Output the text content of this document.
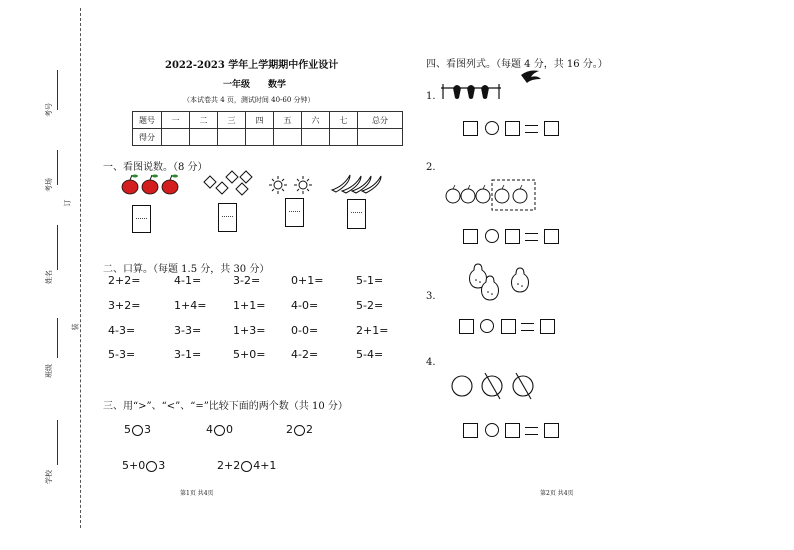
考号
考场
姓名
班级
学校
订
装
2022-2023 学年上学期期中作业设计
一年级　　数学
（本试卷共 4 页，测试时间 40-60 分钟）
题号	一	二	三	四	五	六	七	总分
得分								
一、看图说数。（8 分）
二、口算。（每题 1.5 分，共 30 分）
2+2=	4-1=	3-2=	0+1=	5-1=
3+2=	1+4= 1+1= 4-0=	5-2=
4-3=	3-3=	1+3= 0-0=	2+1=
5-3=	3-1=	5+0= 4-2=	5-4=
三、用“>”、“<”、“=”比较下面的两个数（共 10 分）
5 3	4 0	2 2
5+0 3	2+2 4+1
第1页 共4页	第2页 共4页
四、看图列式。（每题 4 分，共 16 分。）
1.
2.
3.
4.
